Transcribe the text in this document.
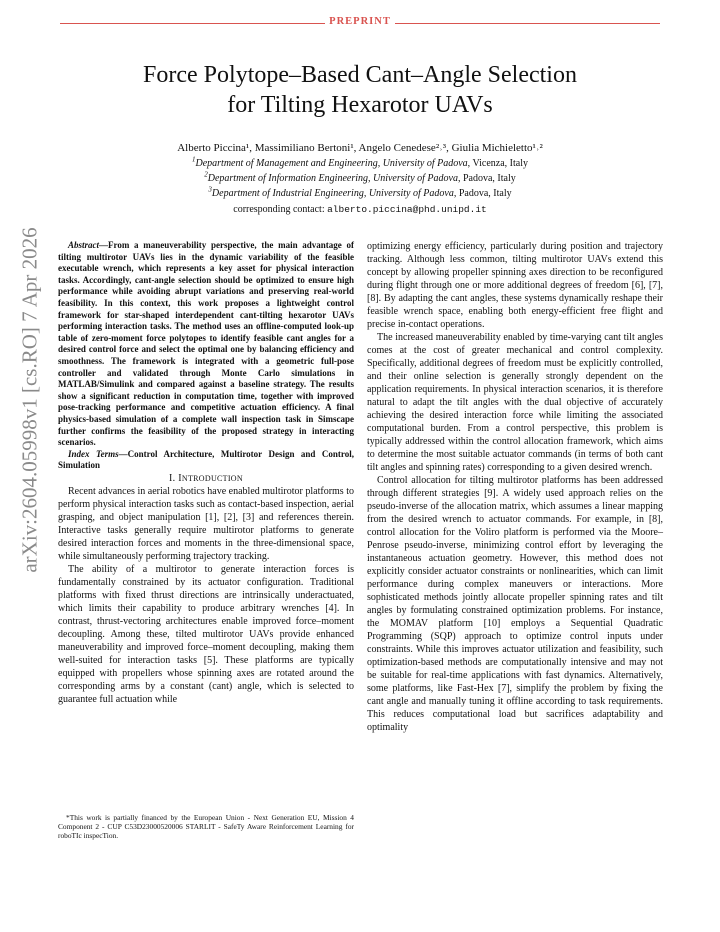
PREPRINT
arXiv:2604.05998v1 [cs.RO] 7 Apr 2026
Force Polytope–Based Cant–Angle Selection
for Tilting Hexarotor UAVs
Alberto Piccina¹, Massimiliano Bertoni¹, Angelo Cenedese²˒³, Giulia Michieletto¹˒²
$^1$Department of Management and Engineering, University of Padova, Vicenza, Italy
$^2$Department of Information Engineering, University of Padova, Padova, Italy
$^3$Department of Industrial Engineering, University of Padova, Padova, Italy
corresponding contact: alberto.piccina@phd.unipd.it
Abstract—From a maneuverability perspective, the main advantage of tilting multirotor UAVs lies in the dynamic variability of the feasible executable wrench, which represents a key asset for physical interaction tasks. Accordingly, cant-angle selection should be optimized to ensure high performance while avoiding abrupt variations and preserving real-world feasibility. In this context, this work proposes a lightweight control framework for star-shaped interdependent cant-tilting hexarotor UAVs performing interaction tasks. The method uses an offline-computed look-up table of zero-moment force polytopes to identify feasible cant angles for a desired control force and select the optimal one by balancing efficiency and smoothness. The framework is integrated with a geometric full-pose controller and validated through Monte Carlo simulations in MATLAB/Simulink and compared against a baseline strategy. The results show a significant reduction in computation time, together with improved pose-tracking performance and competitive actuation efficiency. A final physics-based simulation of a complete wall inspection task in Simscape further confirms the feasibility of the proposed strategy in interacting scenarios.
Index Terms—Control Architecture, Multirotor Design and Control, Simulation

I. INTRODUCTION

Recent advances in aerial robotics have enabled multirotor platforms to perform physical interaction tasks such as contact-based inspection, aerial grasping, and object manipulation [1], [2], [3] and references therein. Interactive tasks generally require multirotor platforms to generate desired interaction forces and moments in the three-dimensional space, while simultaneously performing trajectory tracking.

The ability of a multirotor to generate interaction forces is fundamentally constrained by its actuator configuration. Traditional platforms with fixed thrust directions are intrinsically underactuated, which limits their capability to produce arbitrary wrenches [4]. In contrast, thrust-vectoring architectures enable improved force–moment decoupling. Among these, tilted multirotor UAVs provide enhanced maneuverability and improved force–moment decoupling, making them well-suited for interaction tasks [5]. These platforms are typically equipped with propellers whose spinning axes are rotated around the corresponding arms by a constant (cant) angle, which is selected to guarantee full actuation while

*This work is partially financed by the European Union - Next Generation EU, Mission 4 Component 2 - CUP C53D23000520006 STARLIT - SafeTy Aware Reinforcement Learning for roboTIc inspecTion.

optimizing energy efficiency, particularly during position and trajectory tracking. Although less common, tilting multirotor UAVs extend this concept by allowing propeller spinning axes direction to be reconfigured during flight through one or more additional degrees of freedom [6], [7], [8]. By adapting the cant angles, these systems dynamically reshape their feasible wrench space, enabling both energy-efficient free flight and precise in-contact operations.

The increased maneuverability enabled by time-varying cant tilt angles comes at the cost of greater mechanical and control complexity. Specifically, additional degrees of freedom must be explicitly controlled, and their online selection is generally strongly dependent on the application requirements. In physical interaction scenarios, it is therefore natural to adapt the tilt angles with the dual objective of accurately achieving the desired interaction force while limiting the associated computational burden. From a control perspective, this problem is typically addressed within the control allocation framework, which aims to determine the most suitable actuator commands (in terms of both cant tilt angles and spinning rates) corresponding to a given desired wrench.

Control allocation for tilting multirotor platforms has been addressed through different strategies [9]. A widely used approach relies on the pseudo-inverse of the allocation matrix, which assumes a linear mapping from the desired wrench to actuator commands. For example, in [8], control allocation for the Voliro platform is performed via the Moore–Penrose pseudo-inverse, minimizing control effort by leveraging the instantaneous actuation geometry. However, this method does not explicitly consider actuator constraints or nonlinearities, which can limit performance during complex maneuvers or interactions. More sophisticated methods jointly allocate propeller spinning rates and tilt angles by formulating constrained optimization problems. For instance, the MOMAV platform [10] employs a Sequential Quadratic Programming (SQP) approach to optimize control inputs under constraints. While this improves actuator utilization and feasibility, such optimization-based methods are computationally intensive and may not be suitable for real-time applications with fast dynamics. Alternatively, some platforms, like Fast-Hex [7], simplify the problem by fixing the cant angle and manually tuning it offline according to task requirements. This reduces computational load but sacrifices adaptability and optimality
